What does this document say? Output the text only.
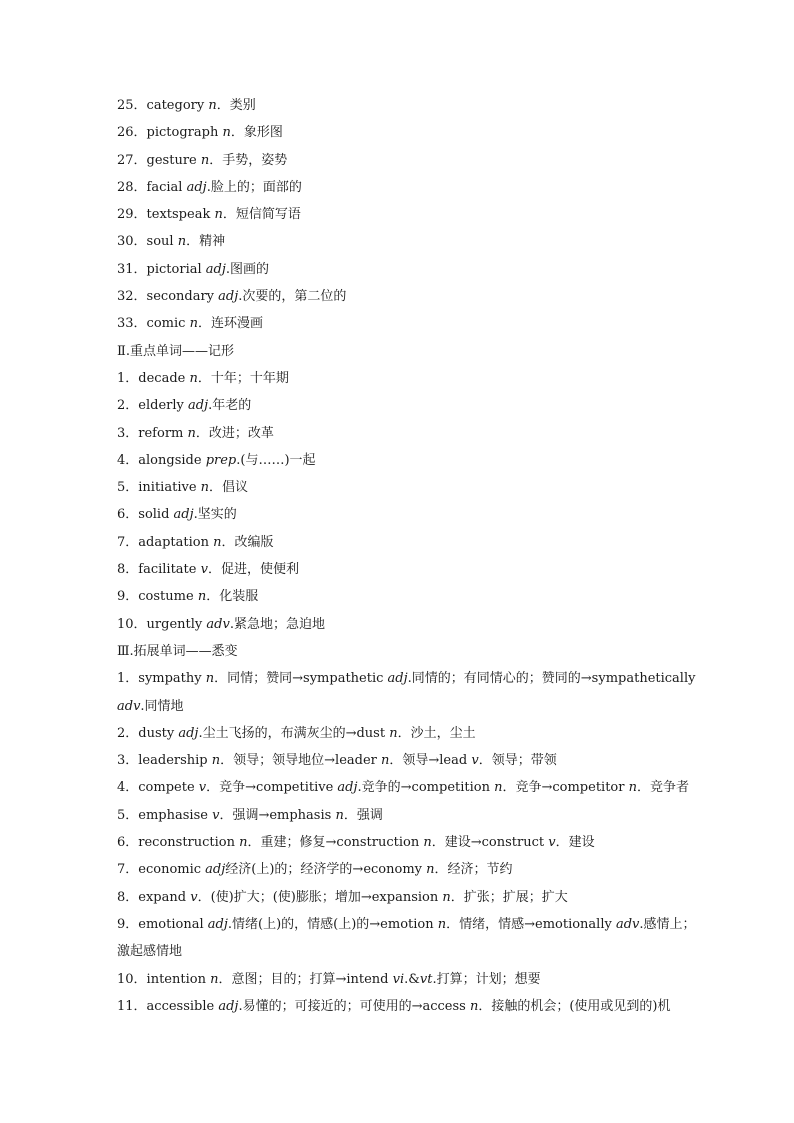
25．category n．类别
26．pictograph n．象形图
27．gesture n．手势，姿势
28．facial adj.脸上的；面部的
29．textspeak n．短信简写语
30．soul n．精神
31．pictorial adj.图画的
32．secondary adj.次要的，第二位的
33．comic n．连环漫画
Ⅱ.重点单词——记形
1．decade n．十年；十年期
2．elderly adj.年老的
3．reform n．改进；改革
4．alongside prep.(与……)一起
5．initiative n．倡议
6．solid adj.坚实的
7．adaptation n．改编版
8．facilitate v．促进，使便利
9．costume n．化装服
10．urgently adv.紧急地；急迫地
Ⅲ.拓展单词——悉变
1．sympathy n．同情；赞同→sympathetic adj.同情的；有同情心的；赞同的→sympathetically
adv.同情地
2．dusty adj.尘土飞扬的，布满灰尘的→dust n．沙土，尘土
3．leadership n．领导；领导地位→leader n．领导→lead v．领导；带领
4．compete v．竞争→competitive adj.竞争的→competition n．竞争→competitor n．竞争者
5．emphasise v．强调→emphasis n．强调
6．reconstruction n．重建；修复→construction n．建设→construct v．建设
7．economic adj经济(上)的；经济学的→economy n．经济；节约
8．expand v．(使)扩大；(使)膨胀；增加→expansion n．扩张；扩展；扩大
9．emotional adj.情绪(上)的，情感(上)的→emotion n．情绪，情感→emotionally adv.感情上；
激起感情地
10．intention n．意图；目的；打算→intend vi.&vt.打算；计划；想要
11．accessible adj.易懂的；可接近的；可使用的→access n．接触的机会；(使用或见到的)机
